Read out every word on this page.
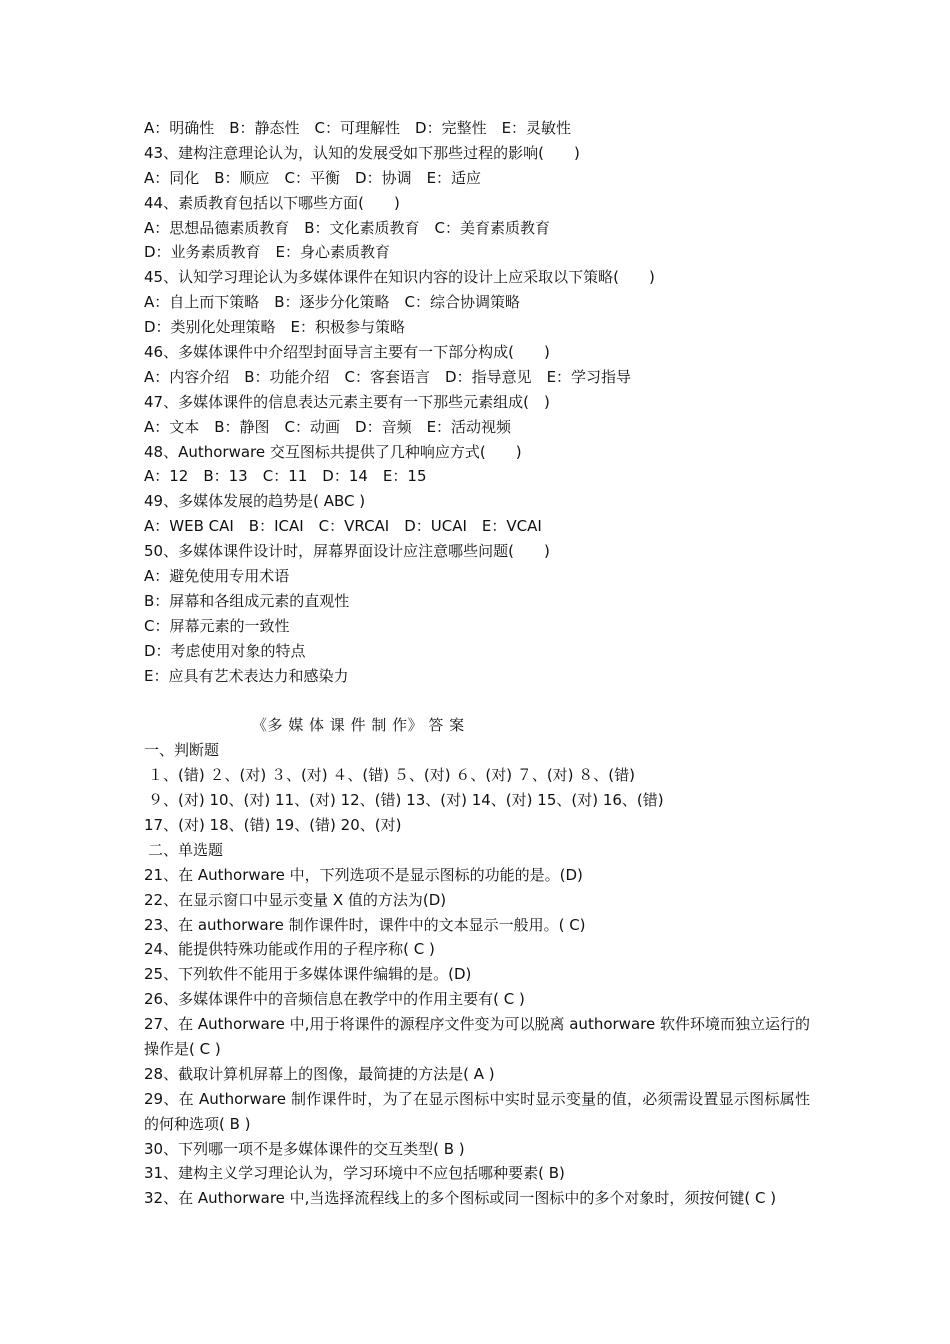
A：明确性　B：静态性　C：可理解性　D：完整性　E：灵敏性
43、建构注意理论认为，认知的发展受如下那些过程的影响(　　)
A：同化　B：顺应　C：平衡　D：协调　E：适应
44、素质教育包括以下哪些方面(　　)
A：思想品德素质教育　B：文化素质教育　C：美育素质教育
D：业务素质教育　E：身心素质教育
45、认知学习理论认为多媒体课件在知识内容的设计上应采取以下策略(　　)
A：自上而下策略　B：逐步分化策略　C：综合协调策略
D：类别化处理策略　E：积极参与策略
46、多媒体课件中介绍型封面导言主要有一下部分构成(　　)
A：内容介绍　B：功能介绍　C：客套语言　D：指导意见　E：学习指导
47、多媒体课件的信息表达元素主要有一下那些元素组成(　)
A：文本　B：静图　C：动画　D：音频　E：活动视频
48、Authorware 交互图标共提供了几种响应方式(　　)
A：12　B：13　C：11　D：14　E：15
49、多媒体发展的趋势是( ABC )
A：WEB CAI　B：ICAI　C：VRCAI　D：UCAI　E：VCAI
50、多媒体课件设计时，屏幕界面设计应注意哪些问题(　　)
A：避免使用专用术语
B：屏幕和各组成元素的直观性
C：屏幕元素的一致性
D：考虑使用对象的特点
E：应具有艺术表达力和感染力
《多 媒 体 课 件 制 作》 答 案
一、判断题
１、(错) ２、(对) ３、(对) ４、(错) ５、(对) ６、(对) ７、(对) ８、(错)
９、(对) 10、(对) 11、(对) 12、(错) 13、(对) 14、(对) 15、(对) 16、(错)
17、(对) 18、(错) 19、(错) 20、(对)
二、单选题
21、在 Authorware 中，下列选项不是显示图标的功能的是。(D)
22、在显示窗口中显示变量 X 值的方法为(D)
23、在 authorware 制作课件时，课件中的文本显示一般用。( C)
24、能提供特殊功能或作用的子程序称( C )
25、下列软件不能用于多媒体课件编辑的是。(D)
26、多媒体课件中的音频信息在教学中的作用主要有( C )
27、在 Authorware 中,用于将课件的源程序文件变为可以脱离 authorware 软件环境而独立运行的操作是( C )
28、截取计算机屏幕上的图像，最简捷的方法是( A )
29、在 Authorware 制作课件时，为了在显示图标中实时显示变量的值，必须需设置显示图标属性的何种选项( B )
30、下列哪一项不是多媒体课件的交互类型( B )
31、建构主义学习理论认为，学习环境中不应包括哪种要素( B)
32、在 Authorware 中,当选择流程线上的多个图标或同一图标中的多个对象时，须按何键( C )
